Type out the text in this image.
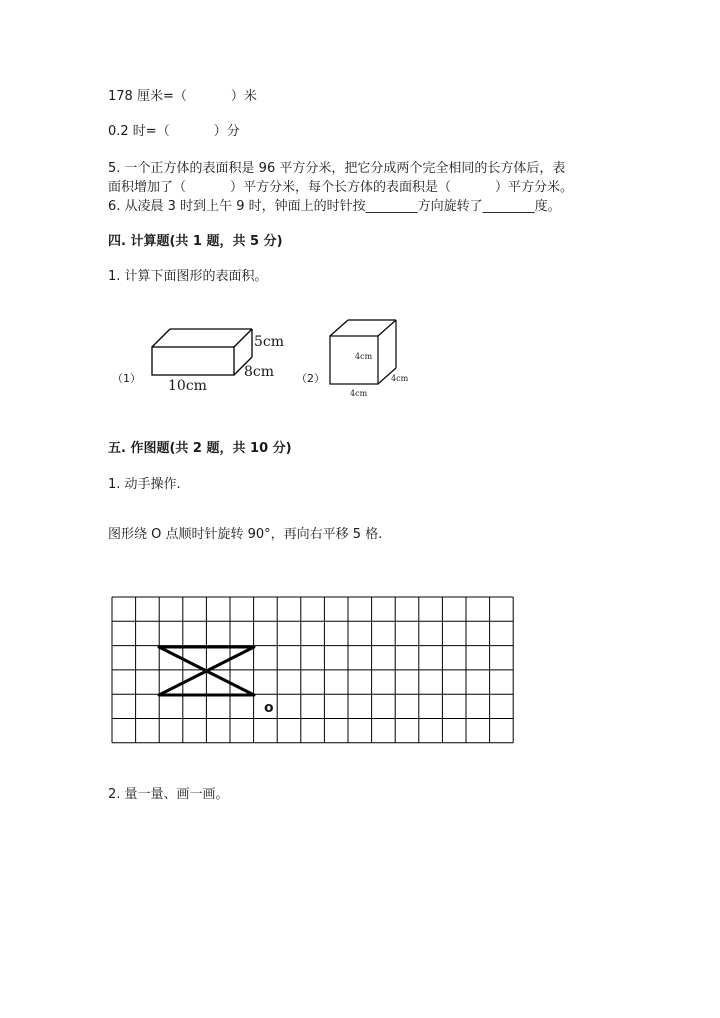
178 厘米=（	）米
0.2 时=（	）分
5. 一个正方体的表面积是 96 平方分米，把它分成两个完全相同的长方体后，表
面积增加了（	）平方分米，每个长方体的表面积是（	）平方分米。
6. 从凌晨 3 时到上午 9 时，钟面上的时针按________方向旋转了________度。
四. 计算题(共 1 题，共 5 分)
1. 计算下面图形的表面积。
（1）
5cm
8cm
10cm	（2）
4cm
4cm
4cm
五. 作图题(共 2 题，共 10 分)
1. 动手操作.
图形绕 O 点顺时针旋转 90°，再向右平移 5 格.
o
2. 量一量、画一画。
